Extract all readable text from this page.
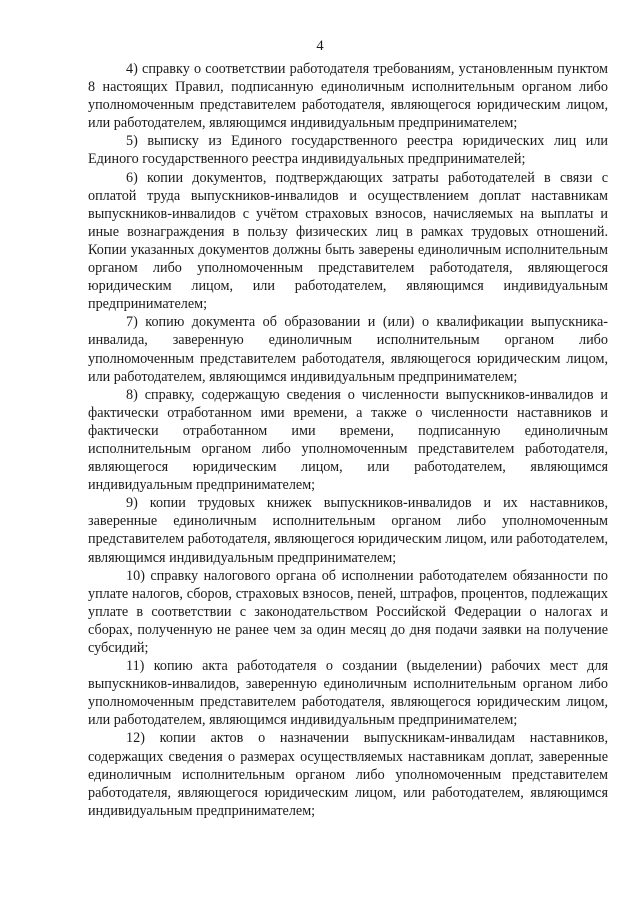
4

4) справку о соответствии работодателя требованиям, установленным пунктом 8 настоящих Правил, подписанную единоличным исполнительным органом либо уполномоченным представителем работодателя, являющегося юридическим лицом, или работодателем, являющимся индивидуальным предпринимателем;

5) выписку из Единого государственного реестра юридических лиц или Единого государственного реестра индивидуальных предпринимателей;

6) копии документов, подтверждающих затраты работодателей в связи с оплатой труда выпускников-инвалидов и осуществлением доплат наставникам выпускников-инвалидов с учётом страховых взносов, начисляемых на выплаты и иные вознаграждения в пользу физических лиц в рамках трудовых отношений. Копии указанных документов должны быть заверены единоличным исполнительным органом либо уполномоченным представителем работодателя, являющегося юридическим лицом, или работодателем, являющимся индивидуальным предпринимателем;

7) копию документа об образовании и (или) о квалификации выпускника-инвалида, заверенную единоличным исполнительным органом либо уполномоченным представителем работодателя, являющегося юридическим лицом, или работодателем, являющимся индивидуальным предпринимателем;

8) справку, содержащую сведения о численности выпускников-инвалидов и фактически отработанном ими времени, а также о численности наставников и фактически отработанном ими времени, подписанную единоличным исполнительным органом либо уполномоченным представителем работодателя, являющегося юридическим лицом, или работодателем, являющимся индивидуальным предпринимателем;

9) копии трудовых книжек выпускников-инвалидов и их наставников, заверенные единоличным исполнительным органом либо уполномоченным представителем работодателя, являющегося юридическим лицом, или работодателем, являющимся индивидуальным предпринимателем;

10) справку налогового органа об исполнении работодателем обязанности по уплате налогов, сборов, страховых взносов, пеней, штрафов, процентов, подлежащих уплате в соответствии с законодательством Российской Федерации о налогах и сборах, полученную не ранее чем за один месяц до дня подачи заявки на получение субсидий;

11) копию акта работодателя о создании (выделении) рабочих мест для выпускников-инвалидов, заверенную единоличным исполнительным органом либо уполномоченным представителем работодателя, являющегося юридическим лицом, или работодателем, являющимся индивидуальным предпринимателем;

12) копии актов о назначении выпускникам-инвалидам наставников, содержащих сведения о размерах осуществляемых наставникам доплат, заверенные единоличным исполнительным органом либо уполномоченным представителем работодателя, являющегося юридическим лицом, или работодателем, являющимся индивидуальным предпринимателем;
